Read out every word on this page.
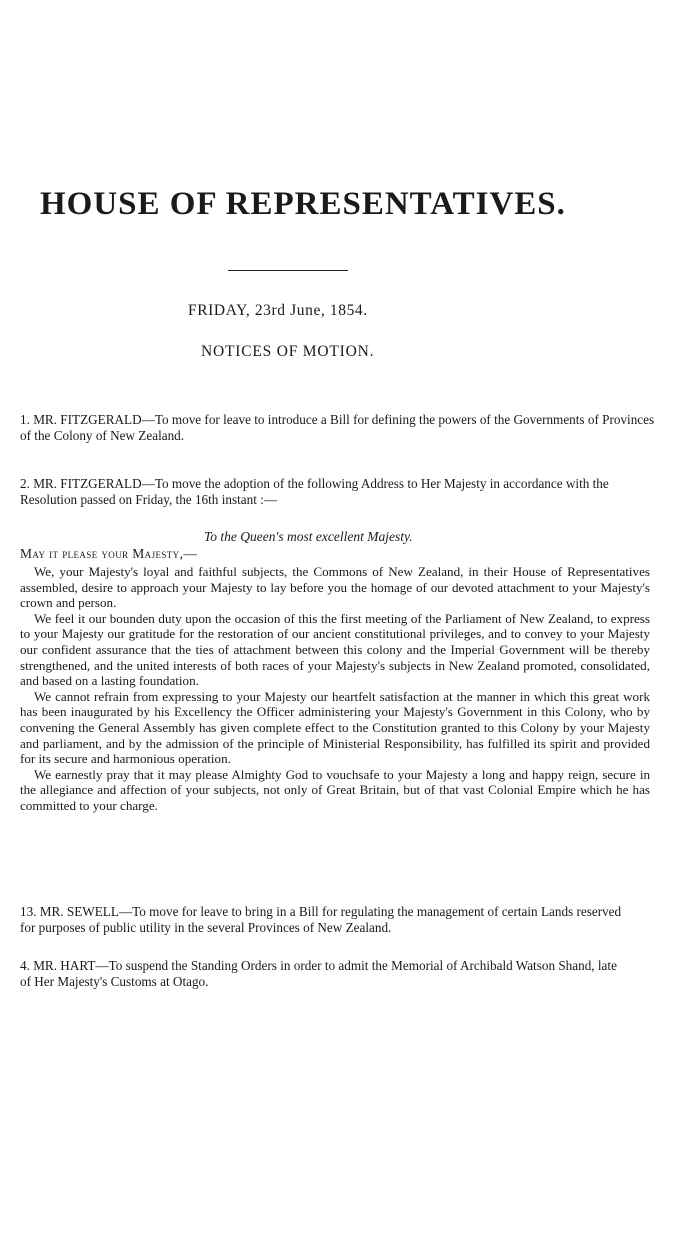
HOUSE OF REPRESENTATIVES.
FRIDAY, 23rd June, 1854.
NOTICES OF MOTION.
1. MR. FITZGERALD—To move for leave to introduce a Bill for defining the powers of the Governments of Provinces of the Colony of New Zealand.
2. MR. FITZGERALD—To move the adoption of the following Address to Her Majesty in accordance with the Resolution passed on Friday, the 16th instant :—
To the Queen's most excellent Majesty.
May it please your Majesty,—

We, your Majesty's loyal and faithful subjects, the Commons of New Zealand, in their House of Representatives assembled, desire to approach your Majesty to lay before you the homage of our devoted attachment to your Majesty's crown and person.

We feel it our bounden duty upon the occasion of this the first meeting of the Parliament of New Zealand, to express to your Majesty our gratitude for the restoration of our ancient constitutional privileges, and to convey to your Majesty our confident assurance that the ties of attachment between this colony and the Imperial Government will be thereby strengthened, and the united interests of both races of your Majesty's subjects in New Zealand promoted, consolidated, and based on a lasting foundation.

We cannot refrain from expressing to your Majesty our heartfelt satisfaction at the manner in which this great work has been inaugurated by his Excellency the Officer administering your Majesty's Government in this Colony, who by convening the General Assembly has given complete effect to the Constitution granted to this Colony by your Majesty and parliament, and by the admission of the principle of Ministerial Responsibility, has fulfilled its spirit and provided for its secure and harmonious operation.

We earnestly pray that it may please Almighty God to vouchsafe to your Majesty a long and happy reign, secure in the allegiance and affection of your subjects, not only of Great Britain, but of that vast Colonial Empire which he has committed to your charge.

13. MR. SEWELL—To move for leave to bring in a Bill for regulating the management of certain Lands reserved for purposes of public utility in the several Provinces of New Zealand.
4. MR. HART—To suspend the Standing Orders in order to admit the Memorial of Archibald Watson Shand, late of Her Majesty's Customs at Otago.
